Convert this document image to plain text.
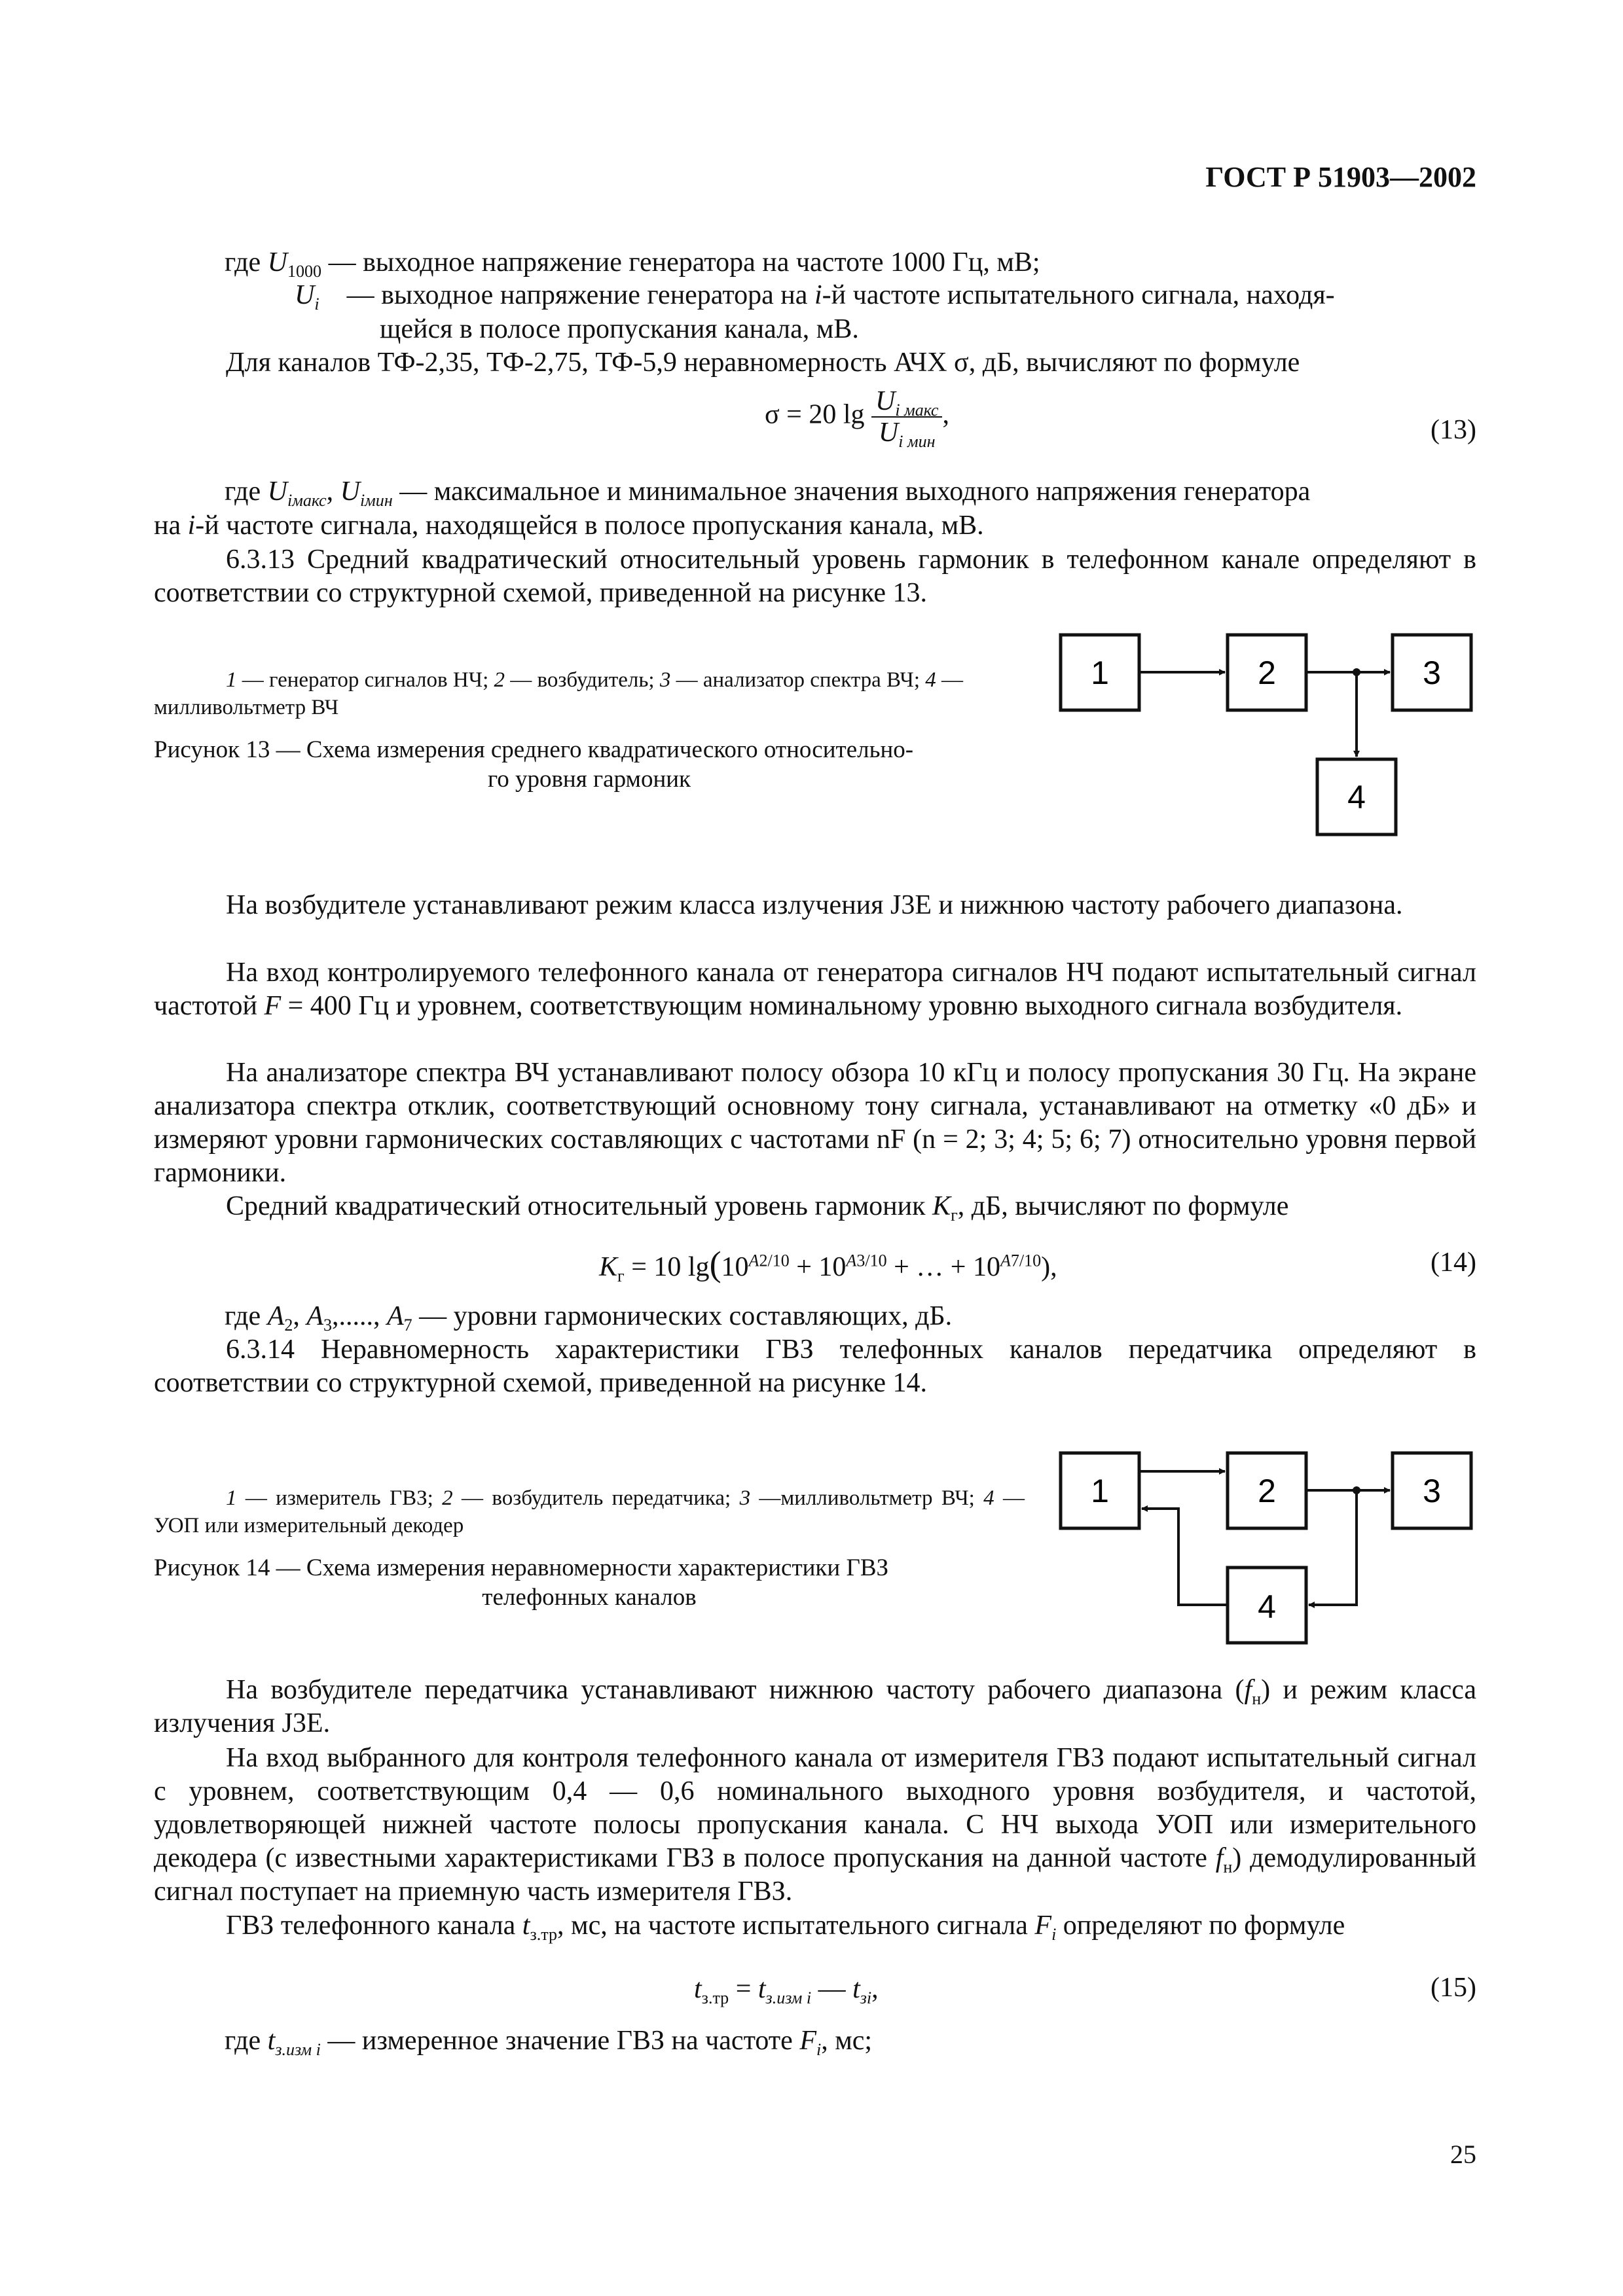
ГОСТ Р 51903—2002
где $U_{1000}$ — выходное напряжение генератора на частоте 1000 Гц, мВ;
$U_i$ — выходное напряжение генератора на i-й частоте испытательного сигнала, находя-
щейся в полосе пропускания канала, мВ.
Для каналов ТФ-2,35, ТФ-2,75, ТФ-5,9 неравномерность АЧХ σ, дБ, вычисляют по формуле
σ = 20 $\lg \frac{U_{i макс}}{U_{i мин}}$ ,
(13)
где $U_{iмакс}$, $U_{iмин}$ — максимальное и минимальное значения выходного напряжения генератора
на i-й частоте сигнала, находящейся в полосе пропускания канала, мВ.
6.3.13 Средний квадратический относительный уровень гармоник в телефонном канале определяют в соответствии со структурной схемой, приведенной на рисунке 13.
1 — генератор сигналов НЧ; 2 — возбудитель; 3 — анализатор спектра ВЧ; 4 — милливольтметр ВЧ
Рисунок 13 — Схема измерения среднего квадратического относительно-
го уровня гармоник
1	2	3
4
На возбудителе устанавливают режим класса излучения J3E и нижнюю частоту рабочего диапазона.
На вход контролируемого телефонного канала от генератора сигналов НЧ подают испытательный сигнал частотой F = 400 Гц и уровнем, соответствующим номинальному уровню выходного сигнала возбудителя.
На анализаторе спектра ВЧ устанавливают полосу обзора 10 кГц и полосу пропускания 30 Гц. На экране анализатора спектра отклик, соответствующий основному тону сигнала, устанавливают на отметку «0 дБ» и измеряют уровни гармонических составляющих с частотами nF (n = 2; 3; 4; 5; 6; 7) относительно уровня первой гармоники.
Средний квадратический относительный уровень гармоник $K_г$, дБ, вычисляют по формуле
$K_г = 10$ $\lg(10^{A2/10} + 10^{A3/10}$ + … + $10^{A7/10}$),	(14)
где $A_2$, $A_3$,....., $A_7$ — уровни гармонических составляющих, дБ.
6.3.14 Неравномерность характеристики ГВЗ телефонных каналов передатчика определяют в соответствии со структурной схемой, приведенной на рисунке 14.
1 — измеритель ГВЗ; 2 — возбудитель передатчика; 3 —милливольтметр ВЧ; 4 — УОП или измерительный декодер
Рисунок 14 — Схема измерения неравномерности характеристики ГВЗ
телефонных каналов
1	2	3
4
На возбудителе передатчика устанавливают нижнюю частоту рабочего диапазона $(f_н)$ и режим класса излучения J3E.
На вход выбранного для контроля телефонного канала от измерителя ГВЗ подают испытательный сигнал с уровнем, соответствующим 0,4 — 0,6 номинального выходного уровня возбудителя, и частотой, удовлетворяющей нижней частоте полосы пропускания канала. С НЧ выхода УОП или измерительного декодера (с известными характеристиками ГВЗ в полосе пропускания на данной частоте $f_н$) демодулированный сигнал поступает на приемную часть измерителя ГВЗ.
ГВЗ телефонного канала $t_{з.тр}$, мс, на частоте испытательного сигнала $F_i$ определяют по формуле
$t_{з.тр} = t_{з.изм i}$ — $t_{зi}$,	(15)
где $t_{з.изм i}$ — измеренное значение ГВЗ на частоте $F_i$, мс;
25
